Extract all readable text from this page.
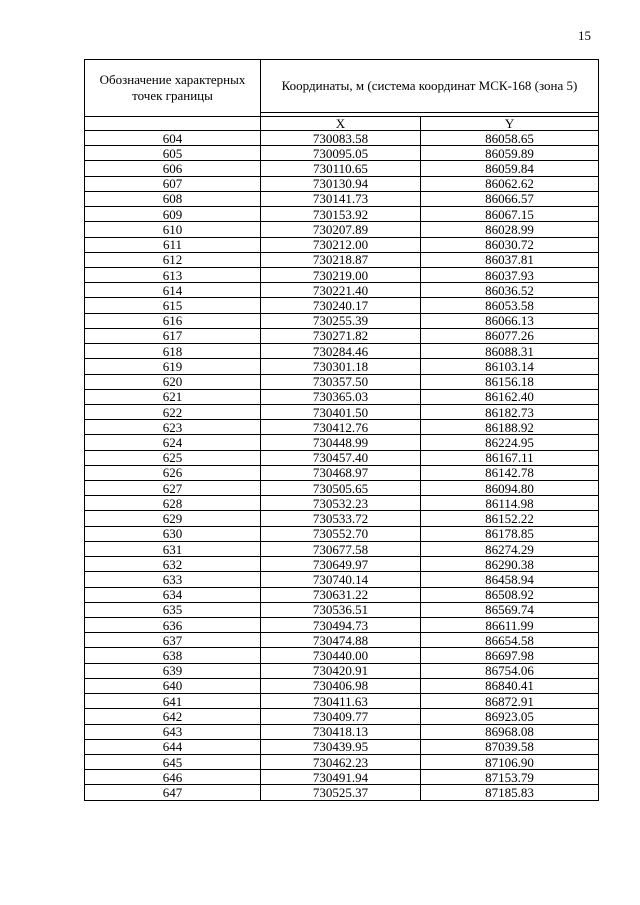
15
Обозначение характерных точек границы	Координаты, м (система координат МСК-168 (зона 5)	

	X	Y
604	730083.58	86058.65
605	730095.05	86059.89
606	730110.65	86059.84
607	730130.94	86062.62
608	730141.73	86066.57
609	730153.92	86067.15
610	730207.89	86028.99
611	730212.00	86030.72
612	730218.87	86037.81
613	730219.00	86037.93
614	730221.40	86036.52
615	730240.17	86053.58
616	730255.39	86066.13
617	730271.82	86077.26
618	730284.46	86088.31
619	730301.18	86103.14
620	730357.50	86156.18
621	730365.03	86162.40
622	730401.50	86182.73
623	730412.76	86188.92
624	730448.99	86224.95
625	730457.40	86167.11
626	730468.97	86142.78
627	730505.65	86094.80
628	730532.23	86114.98
629	730533.72	86152.22
630	730552.70	86178.85
631	730677.58	86274.29
632	730649.97	86290.38
633	730740.14	86458.94
634	730631.22	86508.92
635	730536.51	86569.74
636	730494.73	86611.99
637	730474.88	86654.58
638	730440.00	86697.98
639	730420.91	86754.06
640	730406.98	86840.41
641	730411.63	86872.91
642	730409.77	86923.05
643	730418.13	86968.08
644	730439.95	87039.58
645	730462.23	87106.90
646	730491.94	87153.79
647	730525.37	87185.83
